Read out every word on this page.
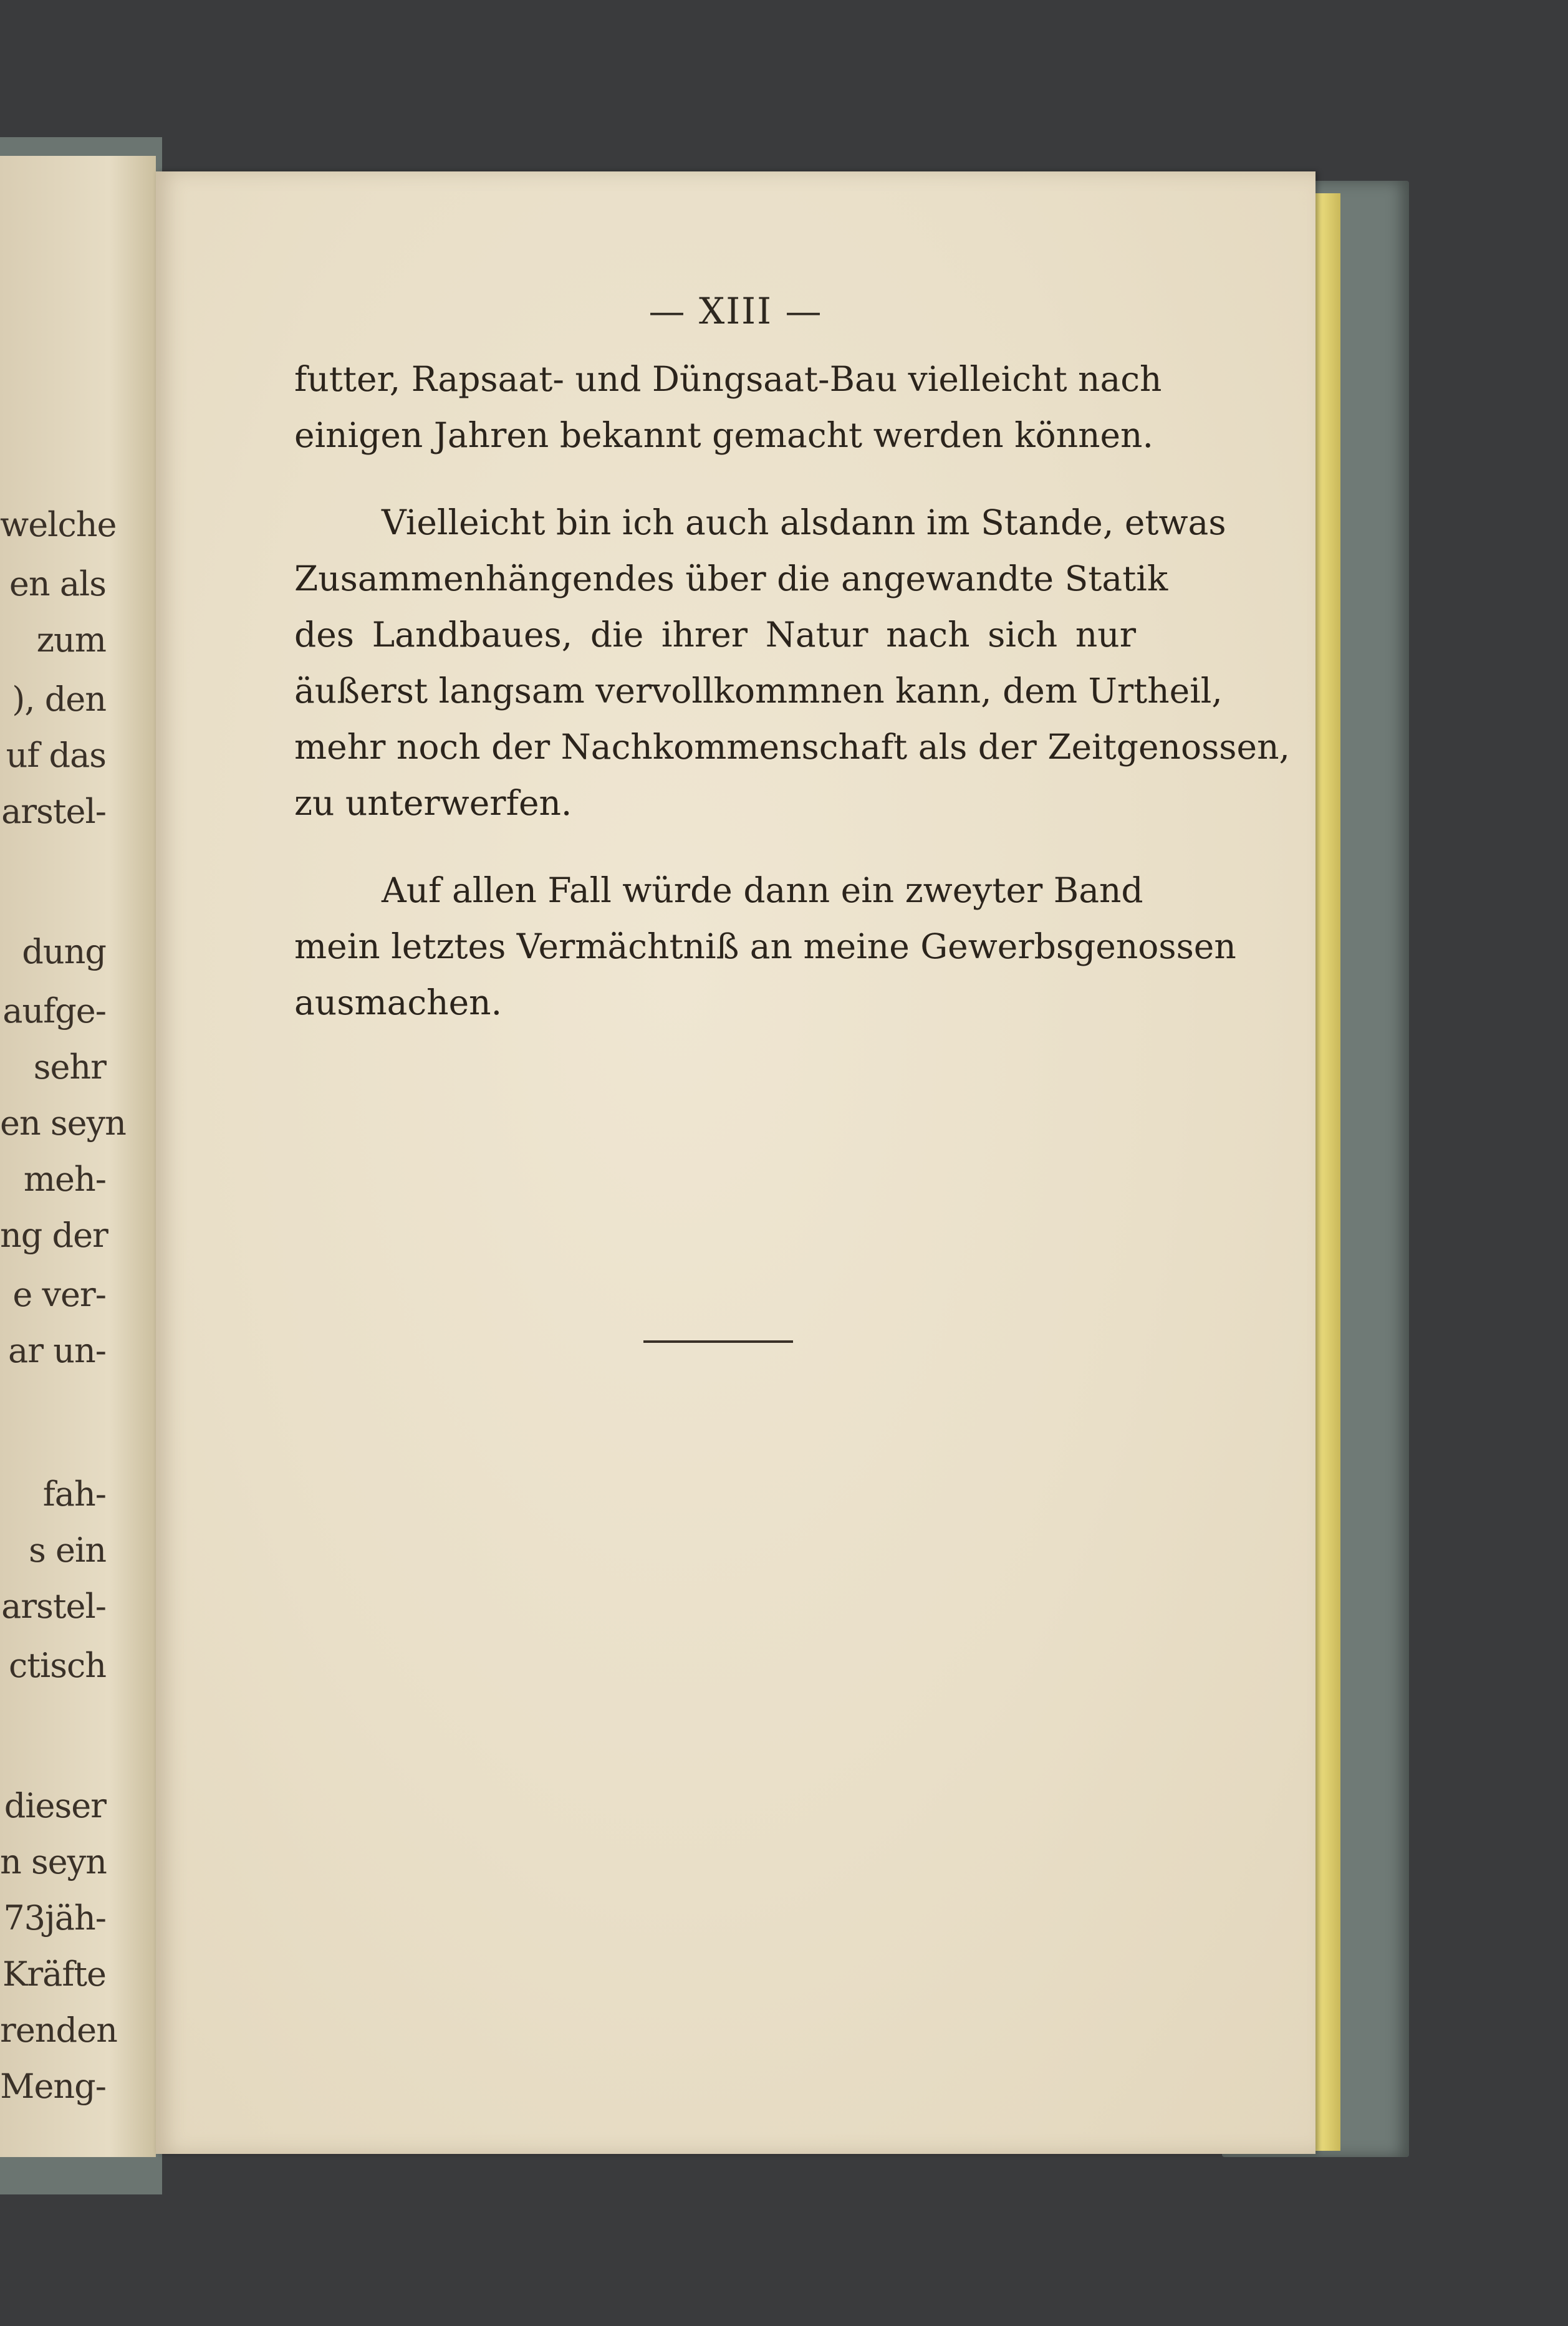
welche
en als
zum
), den
uf das
arstel-
dung
aufge-
sehr
en seyn
meh-
ng der
e ver-
ar un-
fah-
s ein
arstel-
ctisch
dieser
n seyn
73jäh-
Kräfte
renden
Meng-
— XIII —
futter, Rapsaat- und Düngsaat-Bau vielleicht nach
einigen Jahren bekannt gemacht werden können.
Vielleicht bin ich auch alsdann im Stande, etwas
Zusammenhängendes über die angewandte Statik
des Landbaues, die ihrer Natur nach sich nur
äußerst langsam vervollkommnen kann, dem Urtheil,
mehr noch der Nachkommenschaft als der Zeitgenossen,
zu unterwerfen.
Auf allen Fall würde dann ein zweyter Band
mein letztes Vermächtniß an meine Gewerbsgenossen
ausmachen.
